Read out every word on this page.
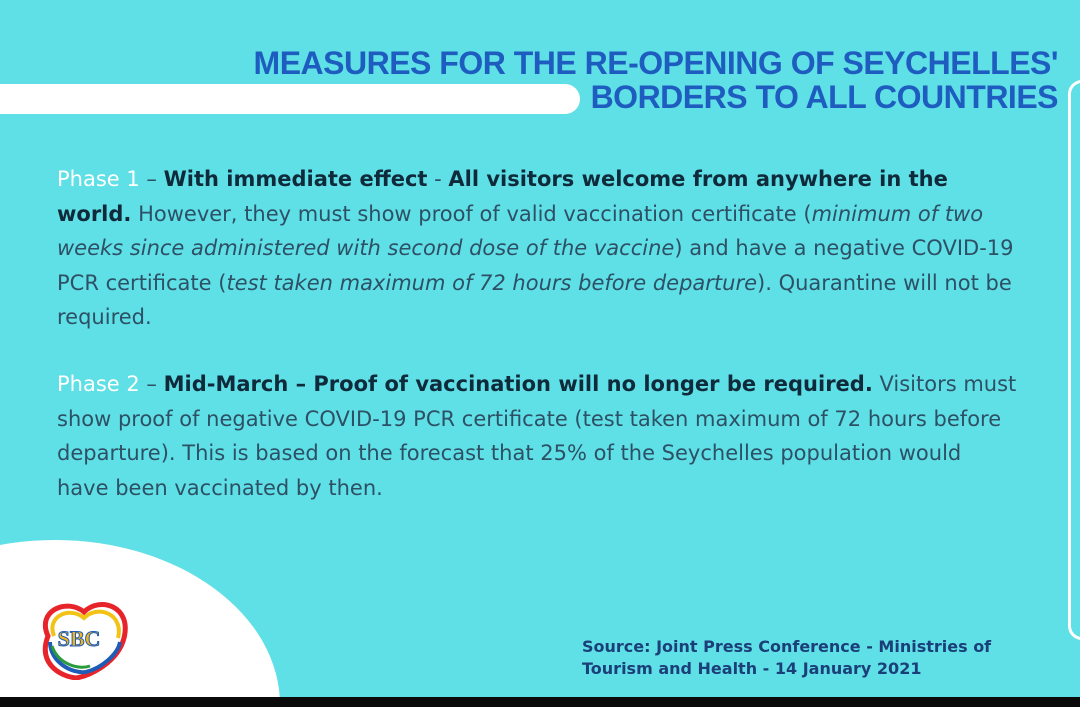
MEASURES FOR THE RE-OPENING OF SEYCHELLES'
BORDERS TO ALL COUNTRIES
Phase 1 – With immediate effect - All visitors welcome from anywhere in the world. However, they must show proof of valid vaccination certificate (minimum of two weeks since administered with second dose of the vaccine) and have a negative COVID-19 PCR certificate (test taken maximum of 72 hours before departure). Quarantine will not be required.
Phase 2 – Mid-March – Proof of vaccination will no longer be required. Visitors must show proof of negative COVID-19 PCR certificate (test taken maximum of 72 hours before departure). This is based on the forecast that 25% of the Seychelles population would have been vaccinated by then.
SBC	Source: Joint Press Conference - Ministries of
Tourism and Health - 14 January 2021
